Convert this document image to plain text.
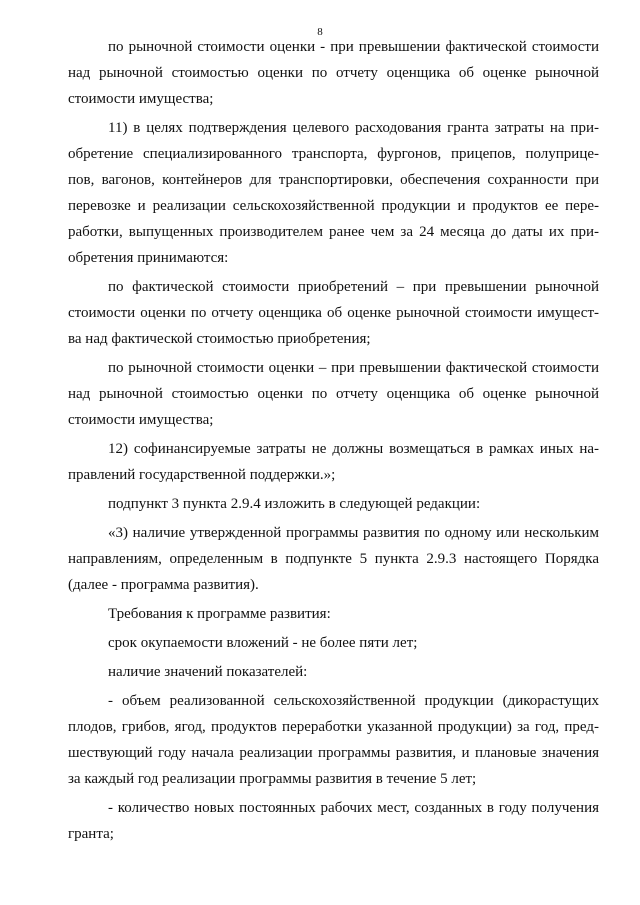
8
по рыночной стоимости оценки - при превышении фактической стоимости
над рыночной стоимостью оценки по отчету оценщика об оценке рыночной
стоимости имущества;
11) в целях подтверждения целевого расходования гранта затраты на при-
обретение специализированного транспорта, фургонов, прицепов, полуприце-
пов, вагонов, контейнеров для транспортировки, обеспечения сохранности при
перевозке и реализации сельскохозяйственной продукции и продуктов ее пере-
работки, выпущенных производителем ранее чем за 24 месяца до даты их при-
обретения принимаются:
по фактической стоимости приобретений – при превышении рыночной
стоимости оценки по отчету оценщика об оценке рыночной стоимости имущест-
ва над фактической стоимостью приобретения;
по рыночной стоимости оценки – при превышении фактической стоимости
над рыночной стоимостью оценки по отчету оценщика об оценке рыночной
стоимости имущества;
12) софинансируемые затраты не должны возмещаться в рамках иных на-
правлений государственной поддержки.»;
подпункт 3 пункта 2.9.4 изложить в следующей редакции:
«3) наличие утвержденной программы развития по одному или нескольким
направлениям, определенным в подпункте 5 пункта 2.9.3 настоящего Порядка
(далее - программа развития).
Требования к программе развития:
срок окупаемости вложений - не более пяти лет;
наличие значений показателей:
- объем реализованной сельскохозяйственной продукции (дикорастущих
плодов, грибов, ягод, продуктов переработки указанной продукции) за год, пред-
шествующий году начала реализации программы развития, и плановые значения
за каждый год реализации программы развития в течение 5 лет;
- количество новых постоянных рабочих мест, созданных в году получения
гранта;
